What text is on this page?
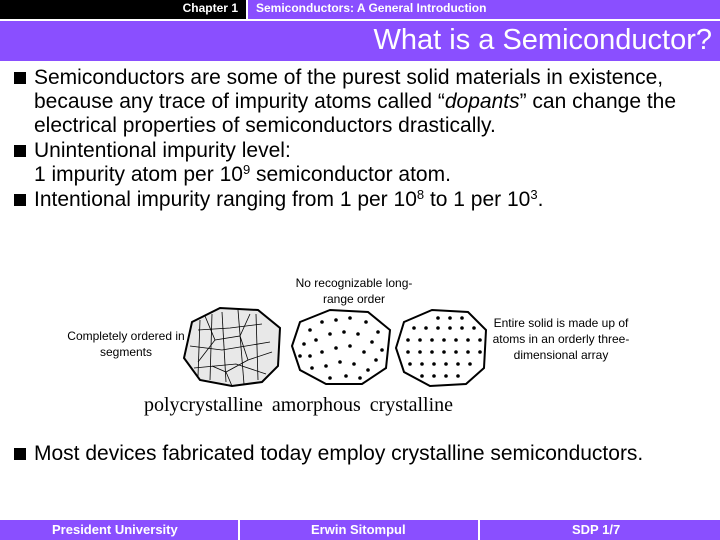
Chapter 1	Semiconductors: A General Introduction
What is a Semiconductor?
Semiconductors are some of the purest solid materials in existence, because any trace of impurity atoms called “dopants” can change the electrical properties of semiconductors drastically.
Unintentional impurity level:
1 impurity atom per $10^9$ semiconductor atom.
Intentional impurity ranging from 1 per $10^8$ to 1 per $10^3$.
No recognizable long-range order
Completely ordered in segments
Entire solid is made up of atoms in an orderly three- dimensional array
polycrystalline amorphous crystalline
Most devices fabricated today employ crystalline semiconductors.
President University	Erwin Sitompul	SDP 1/7
